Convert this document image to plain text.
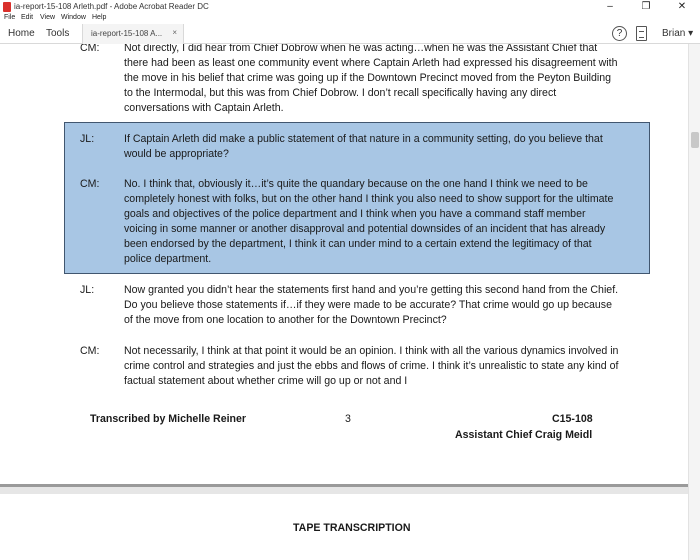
ia-report-15-108 Arleth.pdf - Adobe Acrobat Reader DC	–	❐	✕
File Edit View Window Help
Home Tools	ia-report-15-108 A... ×	?	Brian ▾
CM:	Not directly, I did hear from Chief Dobrow when he was acting…when he was the Assistant Chief that there had been as least one community event where Captain Arleth had expressed his disagreement with the move in his belief that crime was going up if the Downtown Precinct moved from the Peyton Building to the Intermodal, but this was from Chief Dobrow. I don’t recall specifically having any direct conversations with Captain Arleth.
JL:	If Captain Arleth did make a public statement of that nature in a community setting, do you believe that would be appropriate?
CM:	No. I think that, obviously it…it’s quite the quandary because on the one hand I think we need to be completely honest with folks, but on the other hand I think you also need to show support for the ultimate goals and objectives of the police department and I think when you have a command staff member voicing in some manner or another disapproval and potential downsides of an incident that has already been endorsed by the department, I think it can under mind to a certain extend the legitimacy of that police department.
JL:	Now granted you didn’t hear the statements first hand and you’re getting this second hand from the Chief. Do you believe those statements if…if they were made to be accurate? That crime would go up because of the move from one location to another for the Downtown Precinct?
CM:	Not necessarily, I think at that point it would be an opinion. I think with all the various dynamics involved in crime control and strategies and just the ebbs and flows of crime. I think it’s unrealistic to state any kind of factual statement about whether crime will go up or not and I
Transcribed by Michelle Reiner	3	C15-108
Assistant Chief Craig Meidl
TAPE TRANSCRIPTION
